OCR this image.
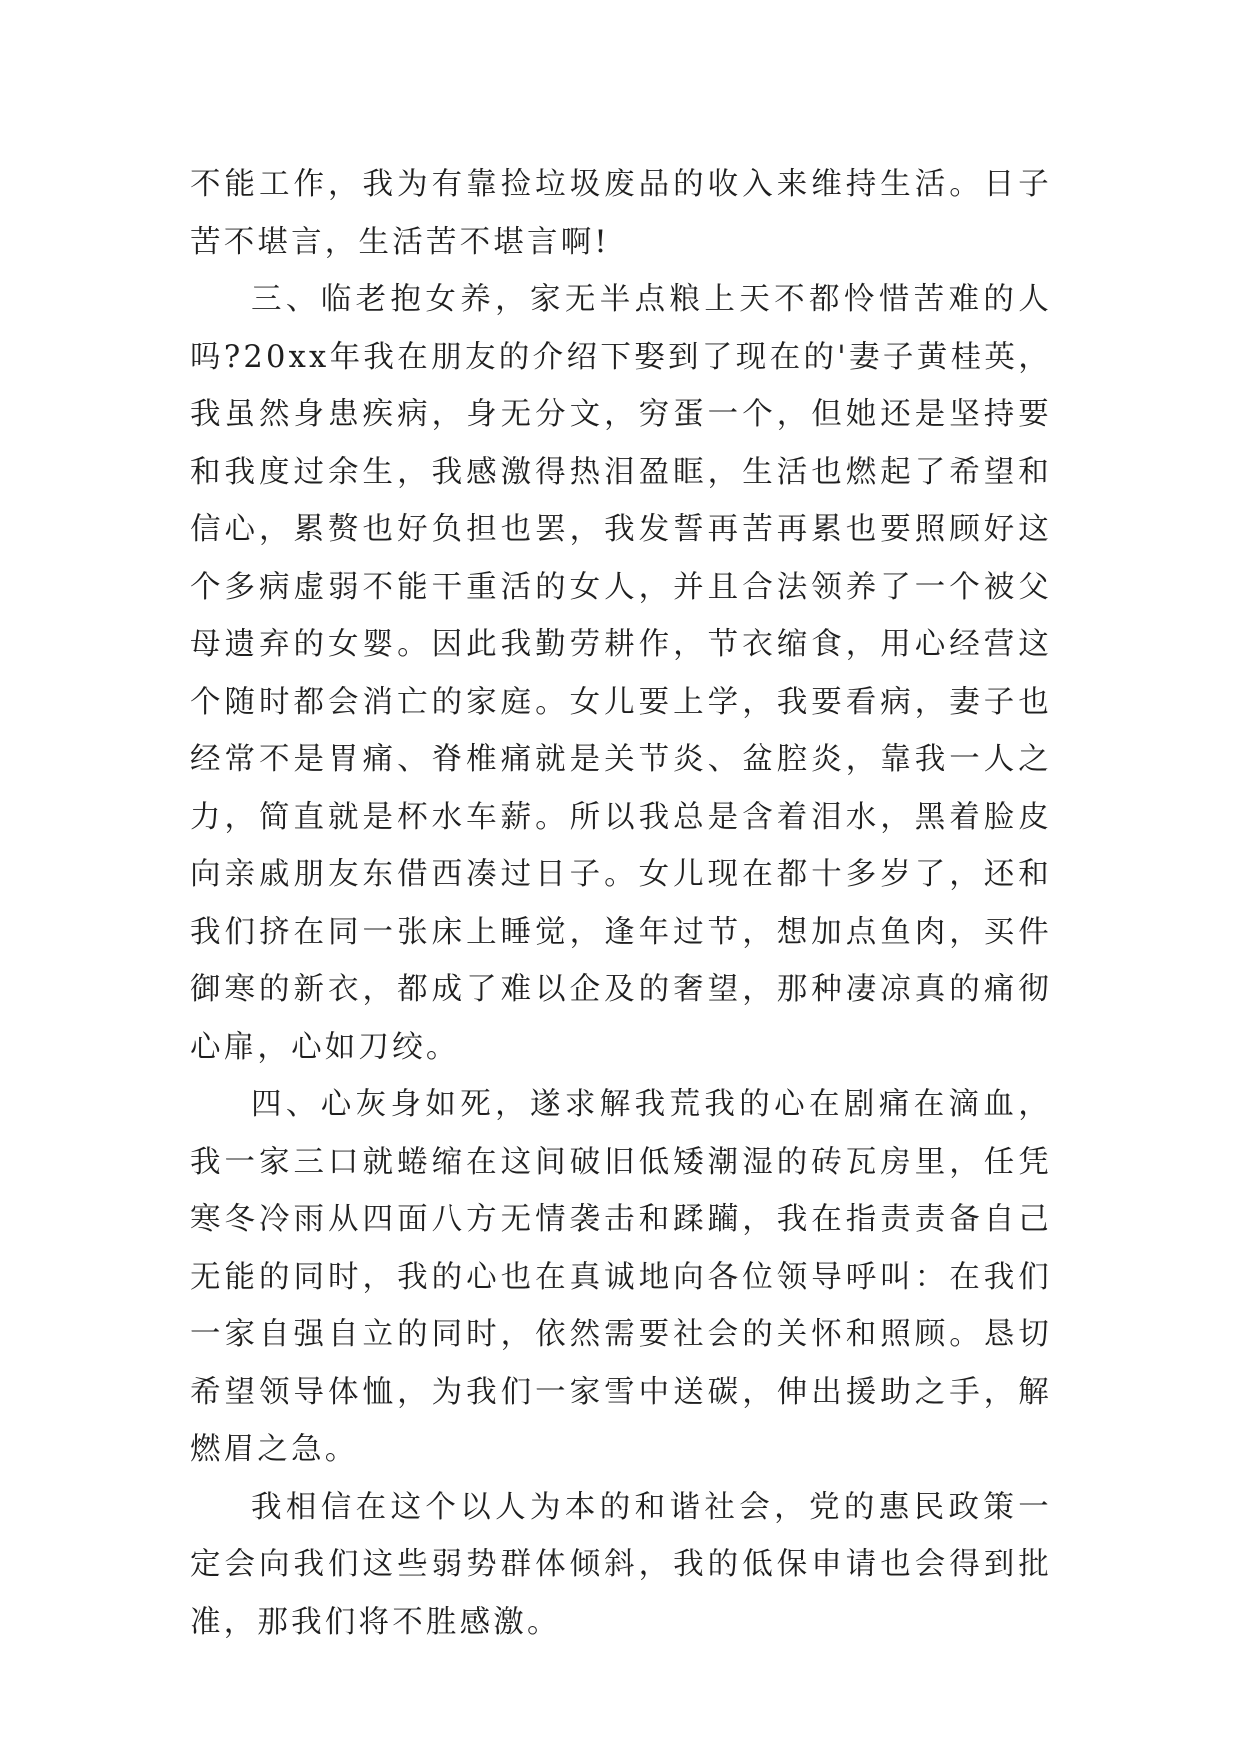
不能工作，我为有靠捡垃圾废品的收入来维持生活。日子苦不堪言，生活苦不堪言啊!

三、临老抱女养，家无半点粮上天不都怜惜苦难的人吗?20xx年我在朋友的介绍下娶到了现在的'妻子黄桂英，我虽然身患疾病，身无分文，穷蛋一个，但她还是坚持要和我度过余生，我感激得热泪盈眶，生活也燃起了希望和信心，累赘也好负担也罢，我发誓再苦再累也要照顾好这个多病虚弱不能干重活的女人，并且合法领养了一个被父母遗弃的女婴。因此我勤劳耕作，节衣缩食，用心经营这个随时都会消亡的家庭。女儿要上学，我要看病，妻子也经常不是胃痛、脊椎痛就是关节炎、盆腔炎，靠我一人之力，简直就是杯水车薪。所以我总是含着泪水，黑着脸皮向亲戚朋友东借西凑过日子。女儿现在都十多岁了，还和我们挤在同一张床上睡觉，逢年过节，想加点鱼肉，买件御寒的新衣，都成了难以企及的奢望，那种凄凉真的痛彻心扉，心如刀绞。

四、心灰身如死，遂求解我荒我的心在剧痛在滴血，我一家三口就蜷缩在这间破旧低矮潮湿的砖瓦房里，任凭寒冬冷雨从四面八方无情袭击和蹂躏，我在指责责备自己无能的同时，我的心也在真诚地向各位领导呼叫：在我们一家自强自立的同时，依然需要社会的关怀和照顾。恳切希望领导体恤，为我们一家雪中送碳，伸出援助之手，解燃眉之急。

我相信在这个以人为本的和谐社会，党的惠民政策一定会向我们这些弱势群体倾斜，我的低保申请也会得到批准，那我们将不胜感激。
